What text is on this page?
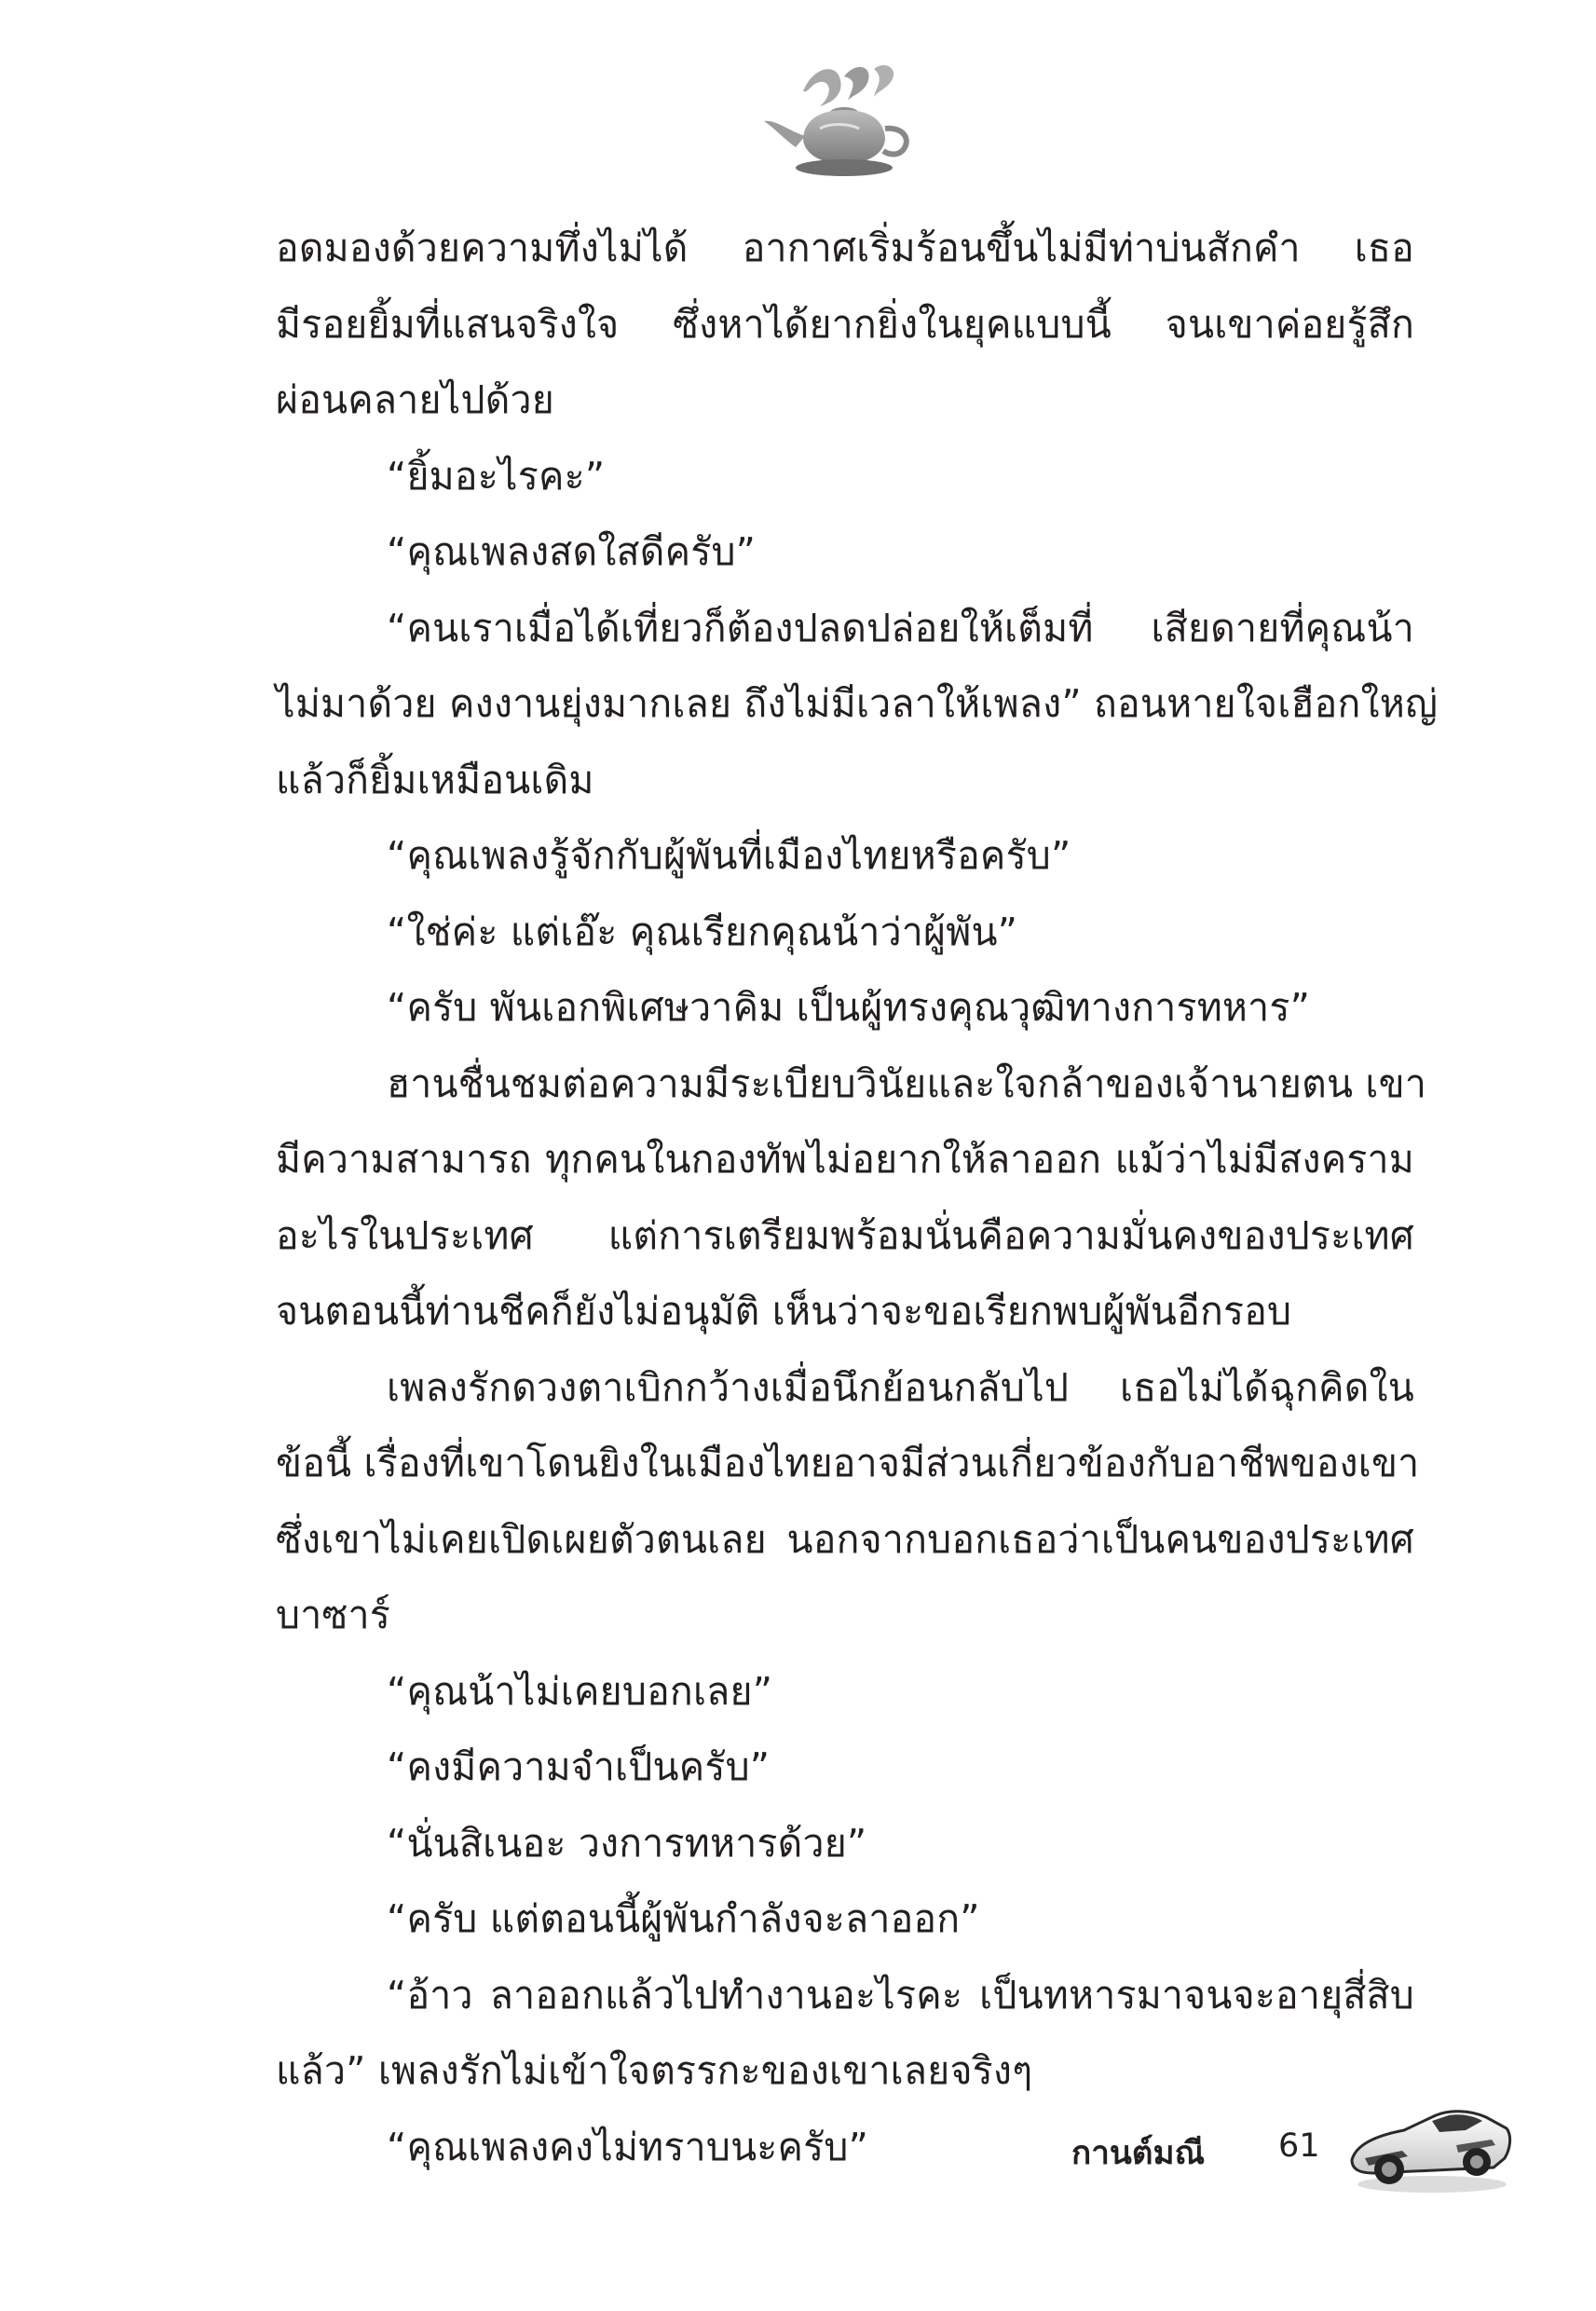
อดมองด้วยความทึ่งไม่ได้ อากาศเริ่มร้อนขึ้นไม่มีท่าบ่นสักคำ เธอ
มีรอยยิ้มที่แสนจริงใจ ซึ่งหาได้ยากยิ่งในยุคแบบนี้ จนเขาค่อยรู้สึก
ผ่อนคลายไปด้วย
“ยิ้มอะไรคะ”
“คุณเพลงสดใสดีครับ”
“คนเราเมื่อได้เที่ยวก็ต้องปลดปล่อยให้เต็มที่ เสียดายที่คุณน้า
ไม่มาด้วย คงงานยุ่งมากเลย ถึงไม่มีเวลาให้เพลง” ถอนหายใจเฮือกใหญ่
แล้วก็ยิ้มเหมือนเดิม
“คุณเพลงรู้จักกับผู้พันที่เมืองไทยหรือครับ”
“ใช่ค่ะ แต่เอ๊ะ คุณเรียกคุณน้าว่าผู้พัน”
“ครับ พันเอกพิเศษวาคิม เป็นผู้ทรงคุณวุฒิทางการทหาร”
ฮานชื่นชมต่อความมีระเบียบวินัยและใจกล้าของเจ้านายตน เขา
มีความสามารถ ทุกคนในกองทัพไม่อยากให้ลาออก แม้ว่าไม่มีสงคราม
อะไรในประเทศ แต่การเตรียมพร้อมนั่นคือความมั่นคงของประเทศ
จนตอนนี้ท่านชีคก็ยังไม่อนุมัติ เห็นว่าจะขอเรียกพบผู้พันอีกรอบ
เพลงรักดวงตาเบิกกว้างเมื่อนึกย้อนกลับไป เธอไม่ได้ฉุกคิดใน
ข้อนี้ เรื่องที่เขาโดนยิงในเมืองไทยอาจมีส่วนเกี่ยวข้องกับอาชีพของเขา
ซึ่งเขาไม่เคยเปิดเผยตัวตนเลย นอกจากบอกเธอว่าเป็นคนของประเทศ
บาซาร์
“คุณน้าไม่เคยบอกเลย”
“คงมีความจำเป็นครับ”
“นั่นสิเนอะ วงการทหารด้วย”
“ครับ แต่ตอนนี้ผู้พันกำลังจะลาออก”
“อ้าว ลาออกแล้วไปทำงานอะไรคะ เป็นทหารมาจนจะอายุสี่สิบ
แล้ว” เพลงรักไม่เข้าใจตรรกะของเขาเลยจริงๆ
“คุณเพลงคงไม่ทราบนะครับ”	กานต์มณี 61
